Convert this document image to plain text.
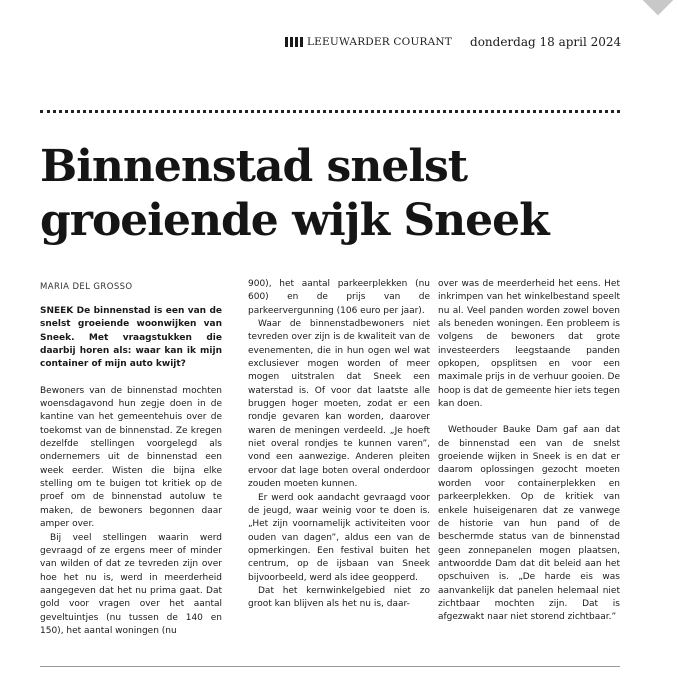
LEEUWARDER COURANT donderdag 18 april 2024
Binnenstad snelst
groeiende wijk Sneek

MARIA DEL GROSSO

SNEEK De binnenstad is een van de snelst groeiende woonwijken van Sneek. Met vraagstukken die daarbij horen als: waar kan ik mijn container of mijn auto kwijt?

Bewoners van de binnenstad mochten woensdagavond hun zegje doen in de kantine van het gemeentehuis over de toekomst van de binnenstad. Ze kregen dezelfde stellingen voorgelegd als ondernemers uit de binnenstad een week eerder. Wisten die bijna elke stelling om te buigen tot kritiek op de proef om de binnenstad autoluw te maken, de bewoners begonnen daar amper over.

Bij veel stellingen waarin werd gevraagd of ze ergens meer of minder van wilden of dat ze tevreden zijn over hoe het nu is, werd in meerderheid aangegeven dat het nu prima gaat. Dat gold voor vragen over het aantal geveltuintjes (nu tussen de 140 en 150), het aantal woningen (nu

900), het aantal parkeerplekken (nu 600) en de prijs van de parkeervergunning (106 euro per jaar).

Waar de binnenstadbewoners niet tevreden over zijn is de kwaliteit van de evenementen, die in hun ogen wel wat exclusiever mogen worden of meer mogen uitstralen dat Sneek een waterstad is. Of voor dat laatste alle bruggen hoger moeten, zodat er een rondje gevaren kan worden, daarover waren de meningen verdeeld. „Je hoeft niet overal rondjes te kunnen varen”, vond een aanwezige. Anderen pleiten ervoor dat lage boten overal onderdoor zouden moeten kunnen.

Er werd ook aandacht gevraagd voor de jeugd, waar weinig voor te doen is. „Het zijn voornamelijk activiteiten voor ouden van dagen”, aldus een van de opmerkingen. Een festival buiten het centrum, op de ijsbaan van Sneek bijvoorbeeld, werd als idee geopperd.

Dat het kernwinkelgebied niet zo groot kan blijven als het nu is, daar-

over was de meerderheid het eens. Het inkrimpen van het winkelbestand speelt nu al. Veel panden worden zowel boven als beneden woningen. Een probleem is volgens de bewoners dat grote investeerders leegstaande panden opkopen, opsplitsen en voor een maximale prijs in de verhuur gooien. De hoop is dat de gemeente hier iets tegen kan doen.

Wethouder Bauke Dam gaf aan dat de binnenstad een van de snelst groeiende wijken in Sneek is en dat er daarom oplossingen gezocht moeten worden voor containerplekken en parkeerplekken. Op de kritiek van enkele huiseigenaren dat ze vanwege de historie van hun pand of de beschermde status van de binnenstad geen zonnepanelen mogen plaatsen, antwoordde Dam dat dit beleid aan het opschuiven is. „De harde eis was aanvankelijk dat panelen helemaal niet zichtbaar mochten zijn. Dat is afgezwakt naar niet storend zichtbaar.”
